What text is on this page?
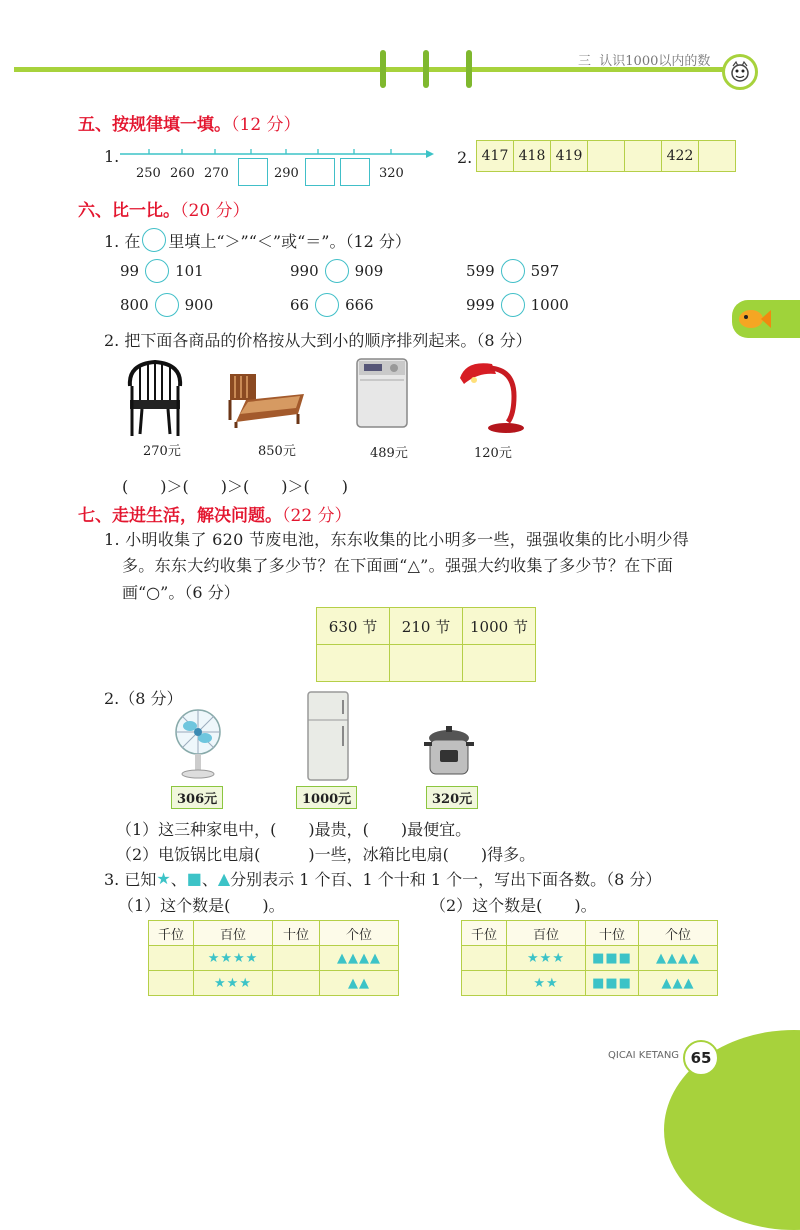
三 认识1000以内的数
五、按规律填一填。（12 分）
1.
250 260 270	290	320
2. 417	418	419			422	
六、比一比。（20 分）
1. 在 里填上“＞”“＜”或“＝”。（12 分）
99 101	990 909	599 597
800 900	66 666	999 1000
2. 把下面各商品的价格按从大到小的顺序排列起来。（8 分）
270元	850元	489元	120元
(　　)＞(　　)＞(　　)＞(　　)
七、走进生活，解决问题。（22 分）
1. 小明收集了 620 节废电池，东东收集的比小明多一些，强强收集的比小明少得
多。东东大约收集了多少节？在下面画“△”。强强大约收集了多少节？在下面
画“○”。（6 分）
630 节	210 节	1000 节

2.（8 分）
306元	1000元	320元
（1）这三种家电中，(　　)最贵，(　　)最便宜。
（2）电饭锅比电扇(　　　)一些，冰箱比电扇(　　)得多。
3. 已知 ★ 、 ■ 、 ▲ 分别表示 1 个百、1 个十和 1 个一，写出下面各数。（8 分）
（1）这个数是(　　)。	（2）这个数是(　　)。
千位	百位	十位	个位
	★★★★		▲▲▲▲
	★★★		▲▲
千位	百位	十位	个位
	★★★	■■■	▲▲▲▲
	★★	■■■	▲▲▲
QICAI KETANG 65
